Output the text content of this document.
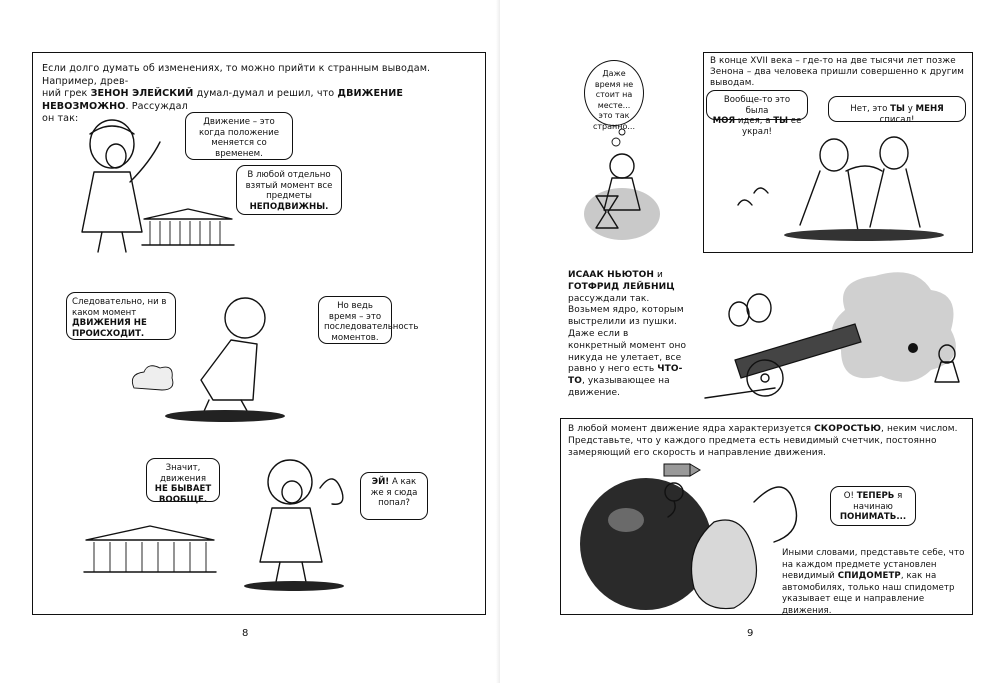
Если долго думать об изменениях, то можно прийти к странным выводам. Например, древ-
ний грек ЗЕНОН ЭЛЕЙСКИЙ думал-думал и решил, что ДВИЖЕНИЕ НЕВОЗМОЖНО. Рассуждал
он так:	Движение – это когда положение меняется со временем.
В любой отдельно взятый момент все предметы
НЕПОДВИЖНЫ.
Следовательно, ни в каком момент
ДВИЖЕНИЯ НЕ ПРОИСХОДИТ.
Но ведь время – это последовательность моментов.
Значит, движения
НЕ БЫВАЕТ ВООБЩЕ.
ЭЙ! А как же я сюда попал?
8
Даже время не стоит на месте... это так странно...
В конце XVII века – где-то на две тысячи лет позже Зенона – два человека пришли совершенно к другим выводам.
Вообще-то это была
МОЯ идея, а ТЫ ее украл!
Нет, это ТЫ у МЕНЯ списал!
ИСААК НЬЮТОН и ГОТФРИД ЛЕЙБНИЦ рассуждали так. Возьмем ядро, которым выстрелили из пушки. Даже если в конкретный момент оно никуда не улетает, все равно у него есть ЧТО-ТО, указывающее на движение.
В любой момент движение ядра характеризуется СКОРОСТЬЮ, неким числом. Представьте, что у каждого предмета есть невидимый счетчик, постоянно замеряющий его скорость и направление движения.
О! ТЕПЕРЬ я начинаю
ПОНИМАТЬ...
Иными словами, представьте себе, что на каждом предмете установлен невидимый СПИДОМЕТР, как на автомобилях, только наш спидометр указывает еще и направление движения.
9
